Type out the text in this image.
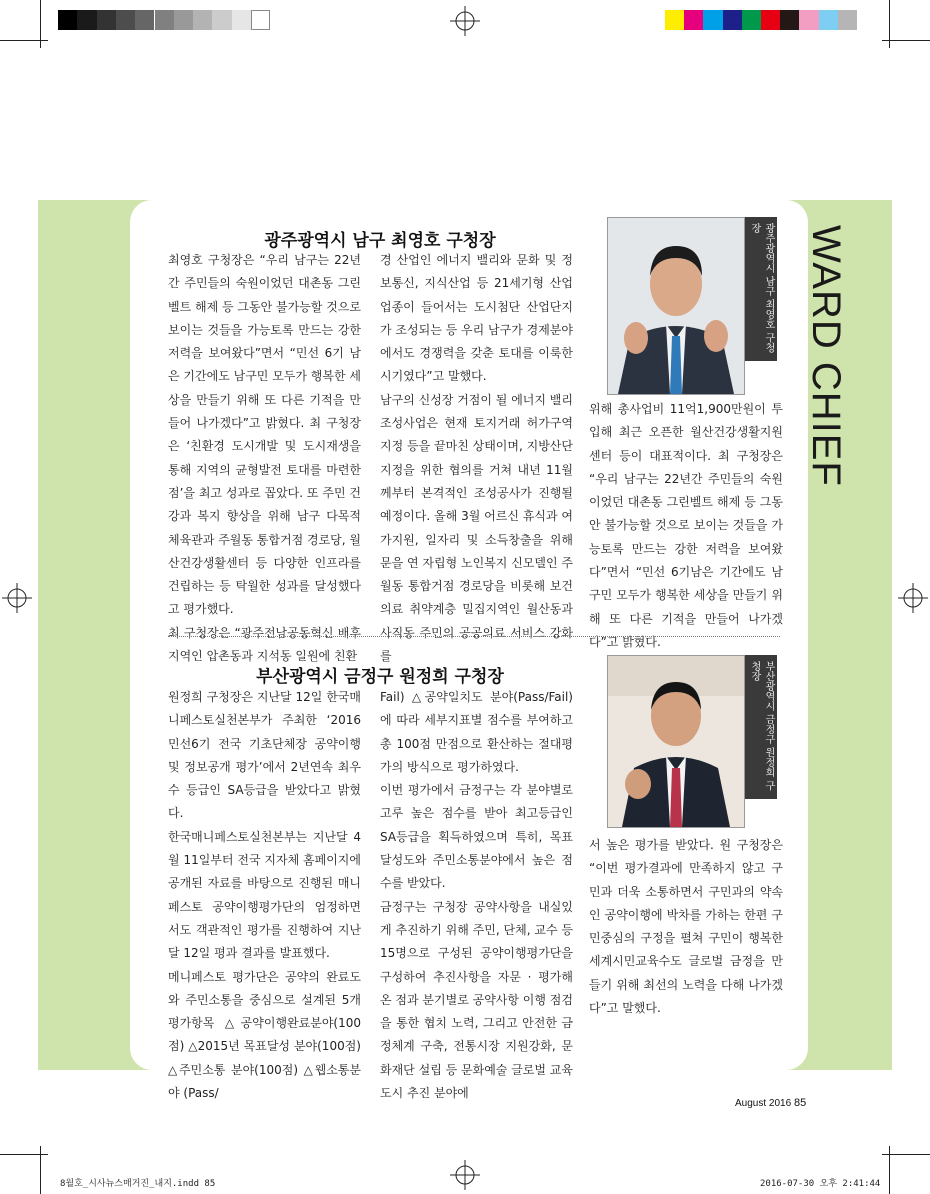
WARD CHIEF
광주광역시 남구 최영호 구청장

최영호 구청장은 “우리 남구는 22년간 주민들의 숙원이었던 대촌동 그린벨트 해제 등 그동안 불가능할 것으로 보이는 것들을 가능토록 만드는 강한 저력을 보여왔다”면서 “민선 6기 남은 기간에도 남구민 모두가 행복한 세상을 만들기 위해 또 다른 기적을 만들어 나가겠다”고 밝혔다. 최 구청장은 ‘친환경 도시개발 및 도시재생을 통해 지역의 균형발전 토대를 마련한 점’을 최고 성과로 꼽았다. 또 주민 건강과 복지 향상을 위해 남구 다목적 체육관과 주월동 통합거점 경로당, 월산건강생활센터 등 다양한 인프라를 건립하는 등 탁월한 성과를 달성했다고 평가했다.

최 구청장은 “광주전남공동혁신 배후지역인 압촌동과 지석동 일원에 친환

경 산업인 에너지 밸리와 문화 및 정보통신, 지식산업 등 21세기형 산업업종이 들어서는 도시첨단 산업단지가 조성되는 등 우리 남구가 경제분야에서도 경쟁력을 갖춘 토대를 이룩한 시기였다”고 말했다.

남구의 신성장 거점이 될 에너지 밸리 조성사업은 현재 토지거래 허가구역 지정 등을 끝마친 상태이며, 지방산단 지정을 위한 협의를 거쳐 내년 11월께부터 본격적인 조성공사가 진행될 예정이다. 올해 3월 어르신 휴식과 여가지원, 일자리 및 소득창출을 위해 문을 연 자립형 노인복지 신모델인 주월동 통합거점 경로당을 비롯해 보건의료 취약계층 밀집지역인 월산동과 사직동 주민의 공공의료 서비스 강화를

위해 총사업비 11억1,900만원이 투입해 최근 오픈한 월산건강생활지원센터 등이 대표적이다. 최 구청장은 “우리 남구는 22년간 주민들의 숙원이었던 대촌동 그린벨트 해제 등 그동안 불가능할 것으로 보이는 것들을 가능토록 만드는 강한 저력을 보여왔다”면서 “민선 6기남은 기간에도 남구민 모두가 행복한 세상을 만들기 위해 또 다른 기적을 만들어 나가겠다”고 밝혔다.

광주광역시 남구 최영호 구청장
부산광역시 금정구 원정희 구청장

원정희 구청장은 지난달 12일 한국매니페스토실천본부가 주최한 ‘2016 민선6기 전국 기초단체장 공약이행 및 정보공개 평가’에서 2년연속 최우수 등급인 SA등급을 받았다고 밝혔다.

한국매니페스토실천본부는 지난달 4월 11일부터 전국 지자체 홈페이지에 공개된 자료를 바탕으로 진행된 매니페스토 공약이행평가단의 엄정하면서도 객관적인 평가를 진행하여 지난달 12일 평과 결과를 발표했다.

메니페스토 평가단은 공약의 완료도와 주민소통을 중심으로 설계된 5개 평가항목 △공약이행완료분야(100점) △2015년 목표달성 분야(100점) △주민소통 분야(100점) △웹소통분야 (Pass/

Fail) △공약일치도 분야(Pass/Fail)에 따라 세부지표별 점수를 부여하고 총 100점 만점으로 환산하는 절대평가의 방식으로 평가하였다.

이번 평가에서 금정구는 각 분야별로 고루 높은 점수를 받아 최고등급인 SA등급을 획득하였으며 특히, 목표달성도와 주민소통분야에서 높은 점수를 받았다.

금정구는 구청장 공약사항을 내실있게 추진하기 위해 주민, 단체, 교수 등 15명으로 구성된 공약이행평가단을 구성하여 추진사항을 자문 · 평가해 온 점과 분기별로 공약사항 이행 점검을 통한 협치 노력, 그리고 안전한 금정체계 구축, 전통시장 지원강화, 문화재단 설립 등 문화예술 글로벌 교육도시 추진 분야에

서 높은 평가를 받았다. 원 구청장은 “이번 평가결과에 만족하지 않고 구민과 더욱 소통하면서 구민과의 약속인 공약이행에 박차를 가하는 한편 구민중심의 구정을 펼쳐 구민이 행복한 세계시민교육수도 글로벌 금정을 만들기 위해 최선의 노력을 다해 나가겠다”고 말했다.

부산광역시 금정구 원정희 구청장
August 2016 85
8월호_시사뉴스매거진_내지.indd 85	2016-07-30 오후 2:41:44
